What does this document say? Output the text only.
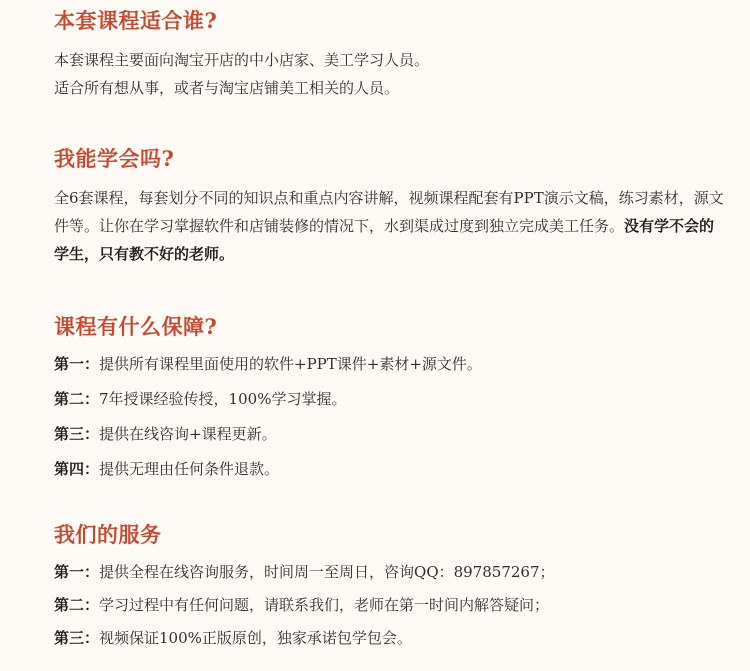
本套课程适合谁?

本套课程主要面向淘宝开店的中小店家、美工学习人员。

适合所有想从事，或者与淘宝店铺美工相关的人员。

我能学会吗?

全6套课程，每套划分不同的知识点和重点内容讲解，视频课程配套有PPT演示文稿，练习素材，源文件等。让你在学习掌握软件和店铺装修的情况下，水到渠成过度到独立完成美工任务。没有学不会的学生，只有教不好的老师。

课程有什么保障?
第一：提供所有课程里面使用的软件+PPT课件+素材+源文件。
第二：7年授课经验传授，100%学习掌握。
第三：提供在线咨询+课程更新。
第四：提供无理由任何条件退款。
我们的服务
第一：提供全程在线咨询服务，时间周一至周日，咨询QQ：897857267；
第二：学习过程中有任何问题，请联系我们，老师在第一时间内解答疑问；
第三：视频保证100%正版原创，独家承诺包学包会。
